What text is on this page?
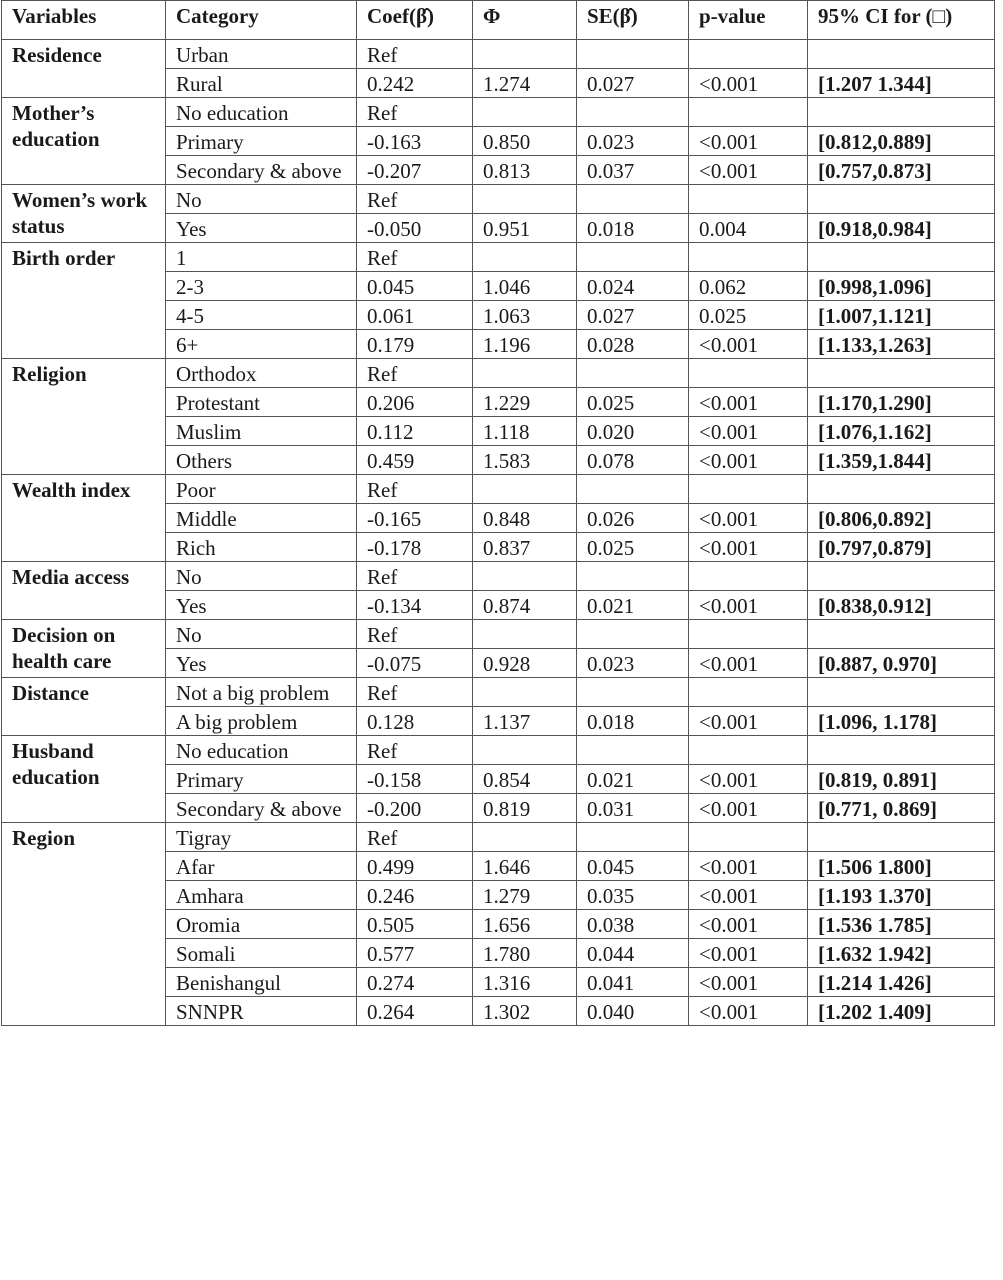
Variables	Category	Coef(β̂)	Φ	SE(β̂)	p-value	95% CI for (□)
Residence	Urban	Ref				
	Rural	0.242	1.274	0.027	<0.001	[1.207 1.344]
Mother’s education	No education	Ref				
	Primary	-0.163	0.850	0.023	<0.001	[0.812,0.889]
	Secondary & above	-0.207	0.813	0.037	<0.001	[0.757,0.873]
Women’s work status	No	Ref				
	Yes	-0.050	0.951	0.018	0.004	[0.918,0.984]
Birth order	1	Ref				
	2-3	0.045	1.046	0.024	0.062	[0.998,1.096]
	4-5	0.061	1.063	0.027	0.025	[1.007,1.121]
	6+	0.179	1.196	0.028	<0.001	[1.133,1.263]
Religion	Orthodox	Ref				
	Protestant	0.206	1.229	0.025	<0.001	[1.170,1.290]
	Muslim	0.112	1.118	0.020	<0.001	[1.076,1.162]
	Others	0.459	1.583	0.078	<0.001	[1.359,1.844]
Wealth index	Poor	Ref				
	Middle	-0.165	0.848	0.026	<0.001	[0.806,0.892]
	Rich	-0.178	0.837	0.025	<0.001	[0.797,0.879]
Media access	No	Ref				
	Yes	-0.134	0.874	0.021	<0.001	[0.838,0.912]
Decision on health care	No	Ref				
	Yes	-0.075	0.928	0.023	<0.001	[0.887, 0.970]
Distance	Not a big problem	Ref				
	A big problem	0.128	1.137	0.018	<0.001	[1.096, 1.178]
Husband education	No education	Ref				
	Primary	-0.158	0.854	0.021	<0.001	[0.819, 0.891]
	Secondary & above	-0.200	0.819	0.031	<0.001	[0.771, 0.869]
Region	Tigray	Ref				
	Afar	0.499	1.646	0.045	<0.001	[1.506 1.800]
	Amhara	0.246	1.279	0.035	<0.001	[1.193 1.370]
	Oromia	0.505	1.656	0.038	<0.001	[1.536 1.785]
	Somali	0.577	1.780	0.044	<0.001	[1.632 1.942]
	Benishangul	0.274	1.316	0.041	<0.001	[1.214 1.426]
	SNNPR	0.264	1.302	0.040	<0.001	[1.202 1.409]
